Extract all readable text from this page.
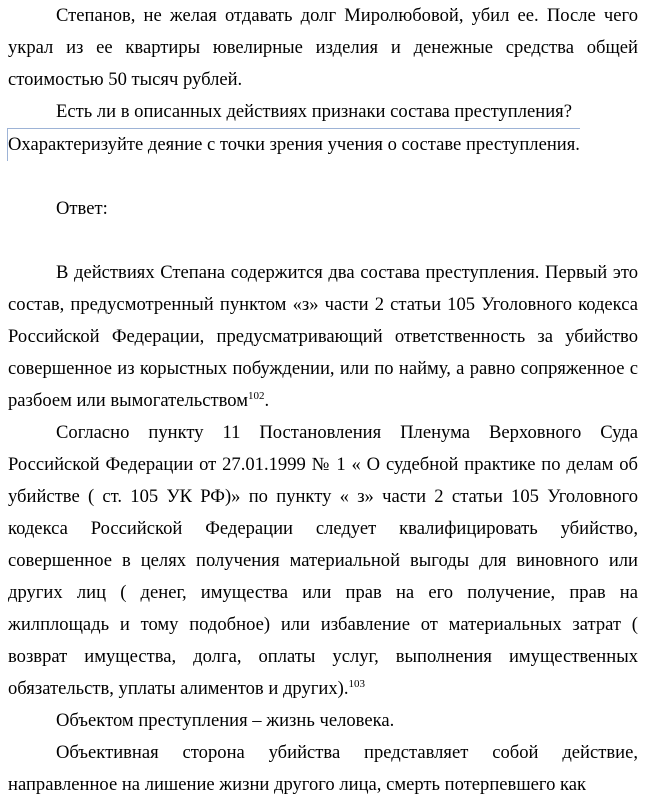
Степанов, не желая отдавать долг Миролюбовой, убил ее. После чего украл из ее квартиры ювелирные изделия и денежные средства общей стоимостью 50 тысяч рублей.

Есть ли в описанных действиях признаки состава преступления?

Охарактеризуйте деяние с точки зрения учения о составе преступления.

Ответ:

В действиях Степана содержится два состава преступления. Первый это состав, предусмотренный пунктом «з» части 2 статьи 105 Уголовного кодекса Российской Федерации, предусматривающий ответственность за убийство совершенное из корыстных побуждении, или по найму, а равно сопряженное с разбоем или вымогательством$^{102}$.

Согласно пункту 11 Постановления Пленума Верховного Суда Российской Федерации от 27.01.1999 № 1 « О судебной практике по делам об убийстве ( ст. 105 УК РФ)» по пункту « з» части 2 статьи 105 Уголовного кодекса Российской Федерации следует квалифицировать убийство, совершенное в целях получения материальной выгоды для виновного или других лиц ( денег, имущества или прав на его получение, прав на жилплощадь и тому подобное) или избавление от материальных затрат ( возврат имущества, долга, оплаты услуг, выполнения имущественных обязательств, уплаты алиментов и других).$^{103}$

Объектом преступления – жизнь человека.

Объективная сторона убийства представляет собой действие, направленное на лишение жизни другого лица, смерть потерпевшего как
